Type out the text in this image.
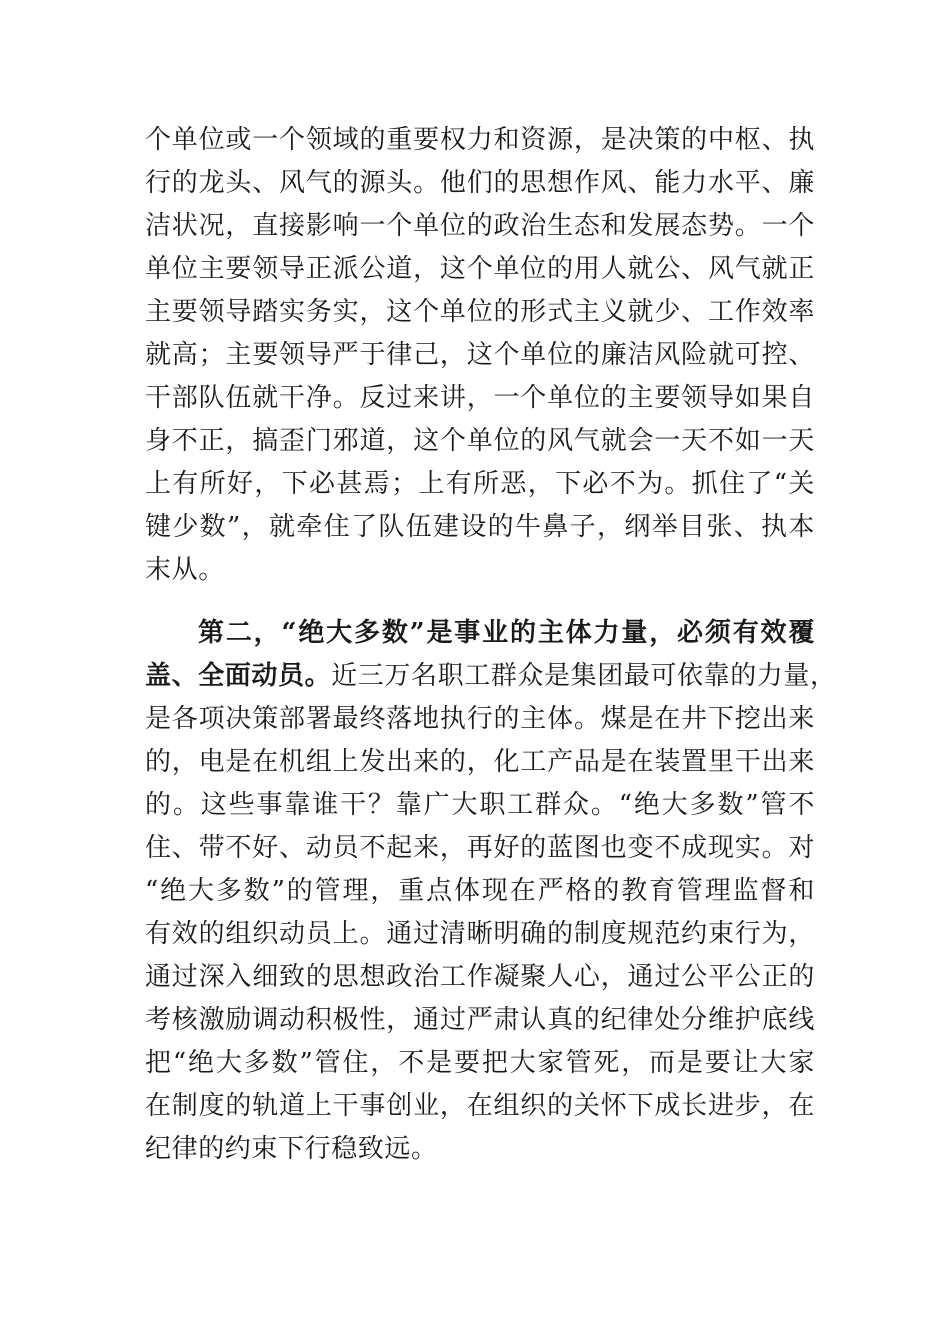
个单位或一个领域的重要权力和资源，是决策的中枢、执
行的龙头、风气的源头。他们的思想作风、能力水平、廉
洁状况，直接影响一个单位的政治生态和发展态势。一个
单位主要领导正派公道，这个单位的用人就公、风气就正
主要领导踏实务实，这个单位的形式主义就少、工作效率
就高；主要领导严于律己，这个单位的廉洁风险就可控、
干部队伍就干净。反过来讲，一个单位的主要领导如果自
身不正，搞歪门邪道，这个单位的风气就会一天不如一天
上有所好，下必甚焉；上有所恶，下必不为。抓住了“关
键少数”，就牵住了队伍建设的牛鼻子，纲举目张、执本
末从。
第二，“绝大多数”是事业的主体力量，必须有效覆
盖、全面动员。近三万名职工群众是集团最可依靠的力量，
是各项决策部署最终落地执行的主体。煤是在井下挖出来
的，电是在机组上发出来的，化工产品是在装置里干出来
的。这些事靠谁干？靠广大职工群众。“绝大多数”管不
住、带不好、动员不起来，再好的蓝图也变不成现实。对
“绝大多数”的管理，重点体现在严格的教育管理监督和
有效的组织动员上。通过清晰明确的制度规范约束行为，
通过深入细致的思想政治工作凝聚人心，通过公平公正的
考核激励调动积极性，通过严肃认真的纪律处分维护底线
把“绝大多数”管住，不是要把大家管死，而是要让大家
在制度的轨道上干事创业，在组织的关怀下成长进步，在
纪律的约束下行稳致远。
